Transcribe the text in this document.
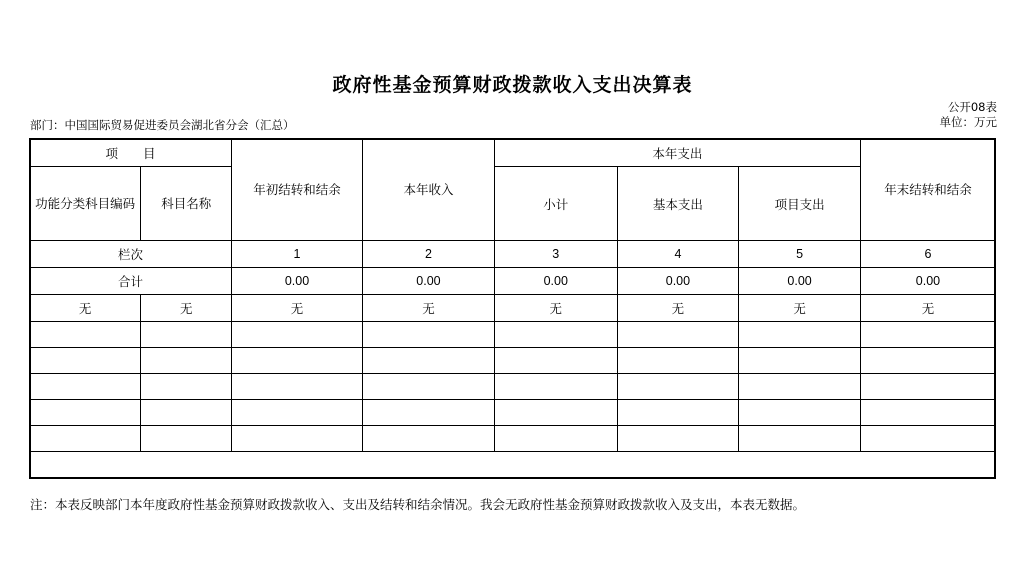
政府性基金预算财政拨款收入支出决算表
公开08表
单位：万元
部门：中国国际贸易促进委员会湖北省分会（汇总）
项　　目		年初结转和结余	本年收入	本年支出			年末结转和结余
功能分类科目编码	科目名称			小计	基本支出	项目支出	
栏次		1	2	3	4	5	6
合计		0.00	0.00	0.00	0.00	0.00	0.00
无	无	无	无	无	无	无	无

注：本表反映部门本年度政府性基金预算财政拨款收入、支出及结转和结余情况。我会无政府性基金预算财政拨款收入及支出，本表无数据。
